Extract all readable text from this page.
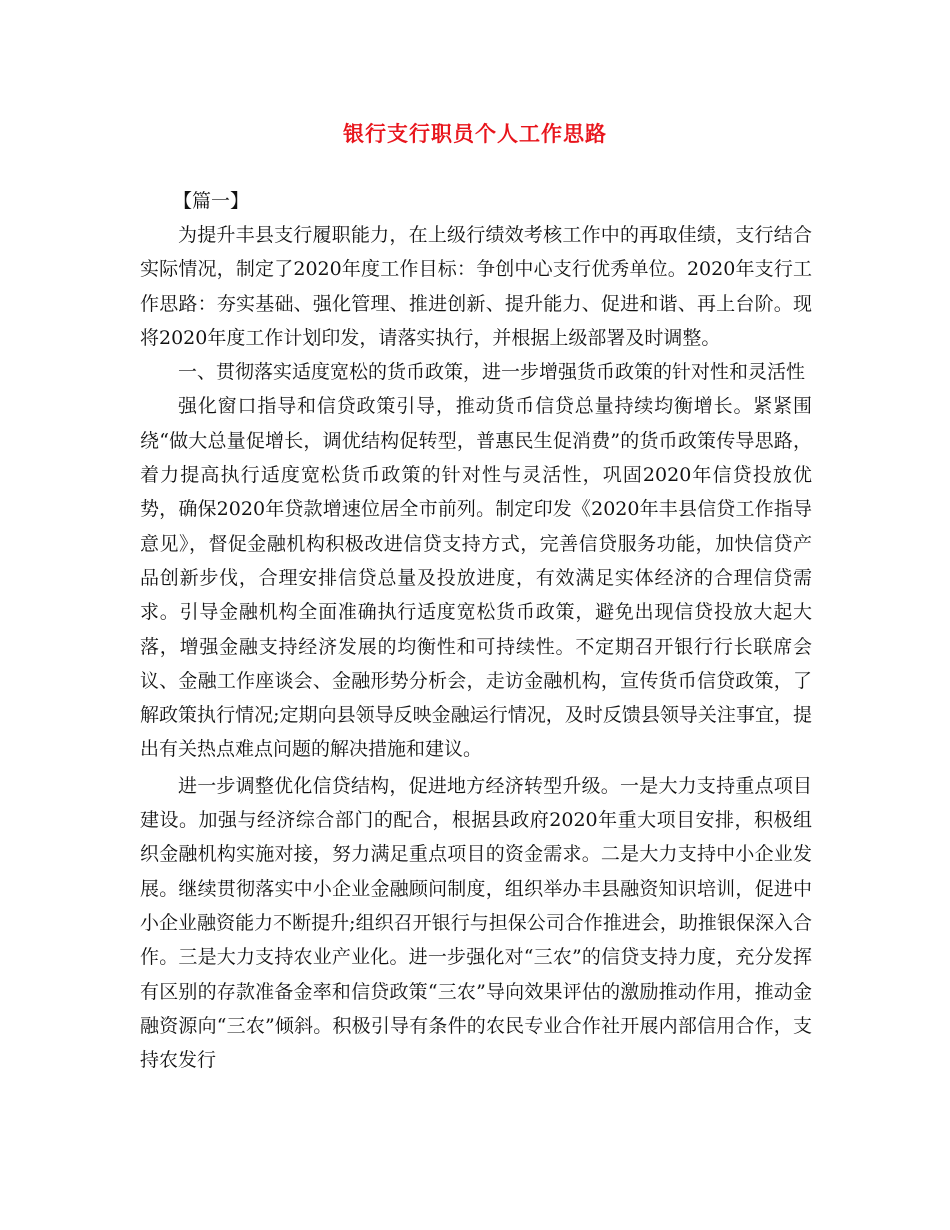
银行支行职员个人工作思路

【篇一】

为提升丰县支行履职能力，在上级行绩效考核工作中的再取佳绩，支行结合实际情况，制定了2020年度工作目标：争创中心支行优秀单位。2020年支行工作思路：夯实基础、强化管理、推进创新、提升能力、促进和谐、再上台阶。现将2020年度工作计划印发，请落实执行，并根据上级部署及时调整。

一、贯彻落实适度宽松的货币政策，进一步增强货币政策的针对性和灵活性

强化窗口指导和信贷政策引导，推动货币信贷总量持续均衡增长。紧紧围绕“做大总量促增长，调优结构促转型，普惠民生促消费”的货币政策传导思路，着力提高执行适度宽松货币政策的针对性与灵活性，巩固2020年信贷投放优势，确保2020年贷款增速位居全市前列。制定印发《2020年丰县信贷工作指导意见》，督促金融机构积极改进信贷支持方式，完善信贷服务功能，加快信贷产品创新步伐，合理安排信贷总量及投放进度，有效满足实体经济的合理信贷需求。引导金融机构全面准确执行适度宽松货币政策，避免出现信贷投放大起大落，增强金融支持经济发展的均衡性和可持续性。不定期召开银行行长联席会议、金融工作座谈会、金融形势分析会，走访金融机构，宣传货币信贷政策，了解政策执行情况;定期向县领导反映金融运行情况，及时反馈县领导关注事宜，提出有关热点难点问题的解决措施和建议。

进一步调整优化信贷结构，促进地方经济转型升级。一是大力支持重点项目建设。加强与经济综合部门的配合，根据县政府2020年重大项目安排，积极组织金融机构实施对接，努力满足重点项目的资金需求。二是大力支持中小企业发展。继续贯彻落实中小企业金融顾问制度，组织举办丰县融资知识培训，促进中小企业融资能力不断提升;组织召开银行与担保公司合作推进会，助推银保深入合作。三是大力支持农业产业化。进一步强化对“三农”的信贷支持力度，充分发挥有区别的存款准备金率和信贷政策“三农”导向效果评估的激励推动作用，推动金融资源向“三农”倾斜。积极引导有条件的农民专业合作社开展内部信用合作，支持农发行
